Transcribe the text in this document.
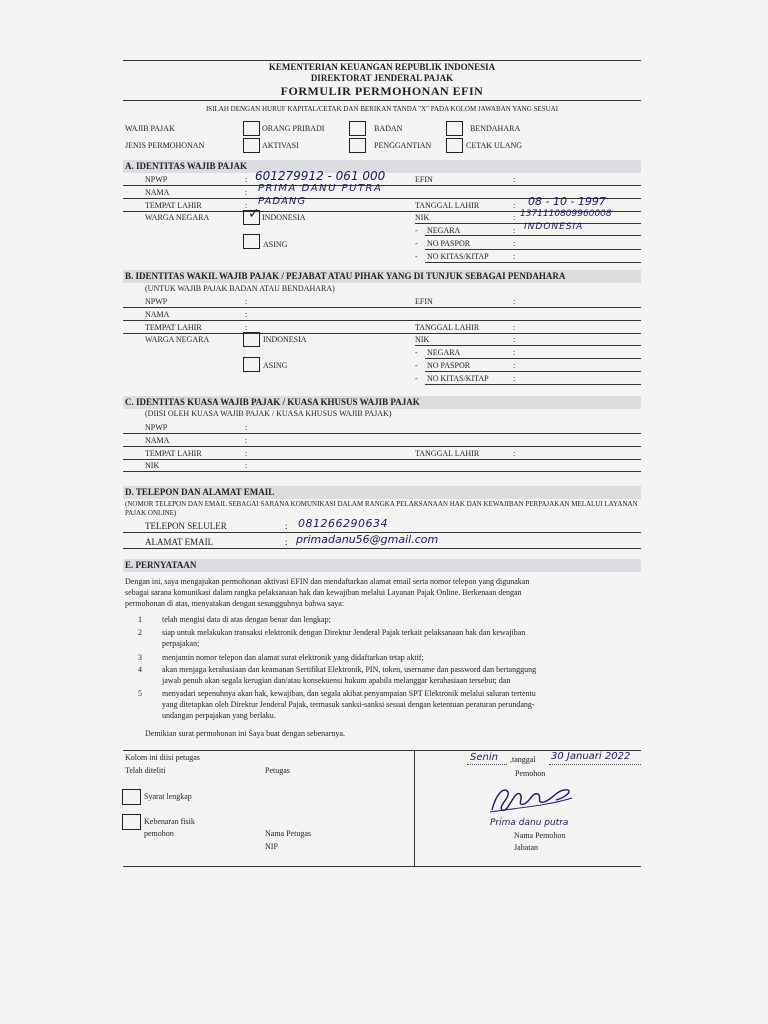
KEMENTERIAN KEUANGAN REPUBLIK INDONESIA
DIREKTORAT JENDERAL PAJAK
FORMULIR PERMOHONAN EFIN
ISILAH DENGAN HURUF KAPITAL/CETAK DAN BERIKAN TANDA "X" PADA KOLOM JAWABAN YANG SESUAI
WAJIB PAJAK	ORANG PRIBADI	BADAN	BENDAHARA
JENIS PERMOHONAN	AKTIVASI	PENGGANTIAN	CETAK ULANG
A. IDENTITAS WAJIB PAJAK
NPWP	: 601279912 - 061 000	EFIN	:
NAMA	: PRIMA DANU PUTRA
TEMPAT LAHIR	: PADANG	TANGGAL LAHIR	: 08 - 10 - 1997
WARGA NEGARA	✓ INDONESIA	NIK	: 1371110809960008
- NEGARA	: INDONESIA
ASING	- NO PASPOR	:
- NO KITAS/KITAP	:
B. IDENTITAS WAKIL WAJIB PAJAK / PEJABAT ATAU PIHAK YANG DI TUNJUK SEBAGAI PENDAHARA
(UNTUK WAJIB PAJAK BADAN ATAU BENDAHARA)
NPWP	:	EFIN	:
NAMA	:
TEMPAT LAHIR	:	TANGGAL LAHIR	:
WARGA NEGARA	INDONESIA	NIK	:
- NEGARA	:
ASING	- NO PASPOR	:
- NO KITAS/KITAP	:
C. IDENTITAS KUASA WAJIB PAJAK / KUASA KHUSUS WAJIB PAJAK
(DIISI OLEH KUASA WAJIB PAJAK / KUASA KHUSUS WAJIB PAJAK)
NPWP	:
NAMA	:
TEMPAT LAHIR	:	TANGGAL LAHIR	:
NIK	:
D. TELEPON DAN ALAMAT EMAIL
(NOMOR TELEPON DAN EMAIL SEBAGAI SARANA KOMUNIKASI DALAM RANGKA PELAKSANAAN HAK DAN KEWAJIBAN PERPAJAKAN MELALUI LAYANAN
PAJAK ONLINE)
TELEPON SELULER	: 081266290634
ALAMAT EMAIL	: primadanu56@gmail.com
E. PERNYATAAN
Dengan ini, saya mengajukan permohonan aktivasi EFIN dan mendaftarkan alamat email serta nomor telepon yang digunakan
sebagai sarana komunikasi dalam rangka pelaksanaan hak dan kewajiban melalui Layanan Pajak Online. Berkenaan dengan
permohonan di atas, menyatakan dengan sesungguhnya bahwa saya:
1	telah mengisi data di atas dengan benar dan lengkap;
2	siap untuk melakukan transaksi elektronik dengan Direktur Jenderal Pajak terkait pelaksanaan hak dan kewajiban
perpajakan;
3	menjamin nomor telepon dan alamat surat elektronik yang didaftarkan tetap aktif;
4	akan menjaga kerahasiaan dan keamanan Sertifikat Elektronik, PIN, token, username dan password dan bertanggung
jawab penuh akan segala kerugian dan/atau konsekuensi hukum apabila melanggar kerahasiaan tersebut; dan
5	menyadari sepenuhnya akan hak, kewajiban, dan segala akibat penyampaian SPT Elektronik melalui saluran tertentu
yang ditetapkan oleh Direktur Jenderal Pajak, termasuk sanksi-sanksi sesuai dengan ketentuan peraturan perundang-
undangan perpajakan yang berlaku.
Demikian surat permohonan ini Saya buat dengan sebenarnya.
Kolom ini diisi petugas
Telah diteliti	Petugas
Syarat lengkap
Kebenaran fisik
pemohon	Nama Petugas
NIP
Senin ,tanggal 30 Januari 2022
Pemohon
Prima danu putra
Nama Pemohon
Jabatan
